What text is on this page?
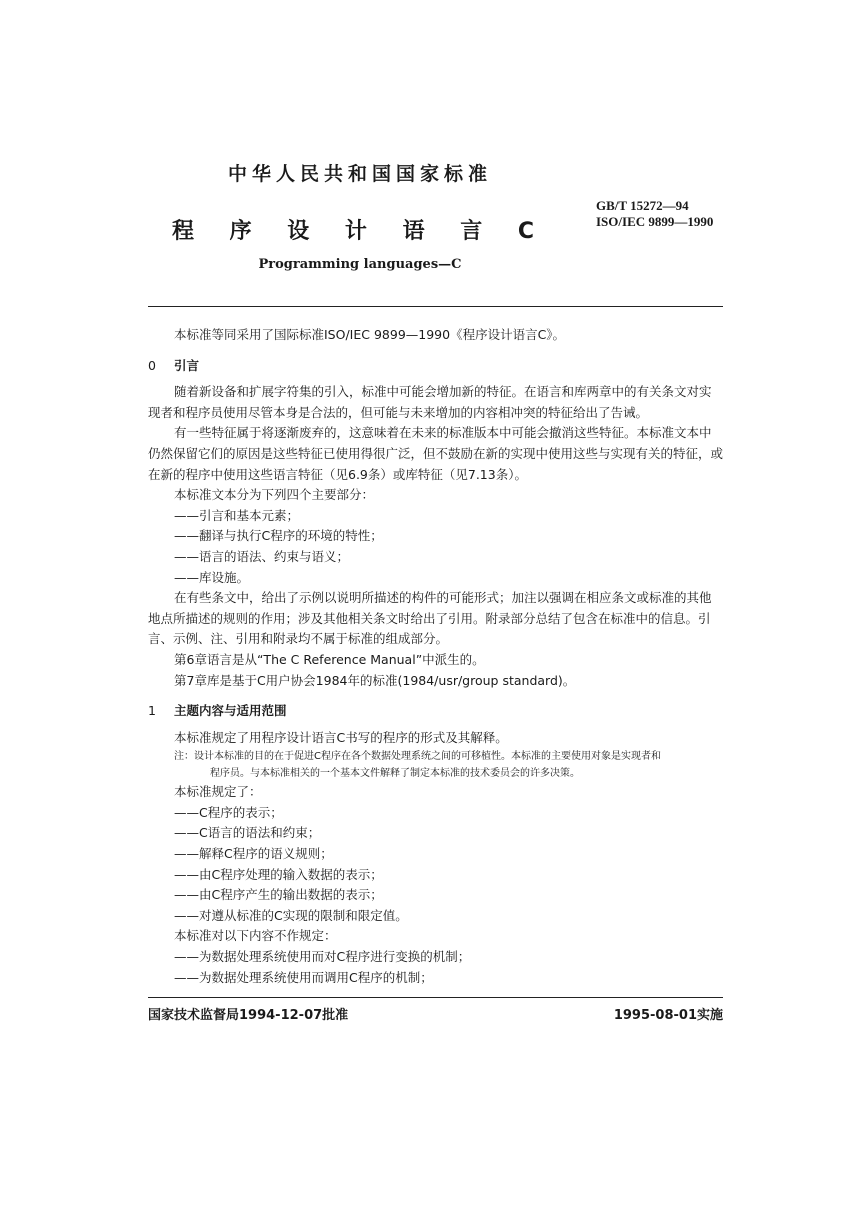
中华人民共和国国家标准
程 序 设 计 语 言 C
Programming languages—C
GB/T 15272—94
ISO/IEC 9899—1990

本标准等同采用了国际标准ISO/IEC 9899—1990《程序设计语言C》。

0 引言

随着新设备和扩展字符集的引入，标准中可能会增加新的特征。在语言和库两章中的有关条文对实现者和程序员使用尽管本身是合法的，但可能与未来增加的内容相冲突的特征给出了告诫。

有一些特征属于将逐渐废弃的，这意味着在未来的标准版本中可能会撤消这些特征。本标准文本中仍然保留它们的原因是这些特征已使用得很广泛，但不鼓励在新的实现中使用这些与实现有关的特征，或在新的程序中使用这些语言特征（见6.9条）或库特征（见7.13条）。

本标准文本分为下列四个主要部分：

——引言和基本元素；
——翻译与执行C程序的环境的特性；
——语言的语法、约束与语义；
——库设施。

在有些条文中，给出了示例以说明所描述的构件的可能形式；加注以强调在相应条文或标准的其他地点所描述的规则的作用；涉及其他相关条文时给出了引用。附录部分总结了包含在标准中的信息。引言、示例、注、引用和附录均不属于标准的组成部分。

第6章语言是从“The C Reference Manual”中派生的。

第7章库是基于C用户协会1984年的标准(1984/usr/group standard)。

1 主题内容与适用范围

本标准规定了用程序设计语言C书写的程序的形式及其解释。

注：设计本标准的目的在于促进C程序在各个数据处理系统之间的可移植性。本标准的主要使用对象是实现者和
程序员。与本标准相关的一个基本文件解释了制定本标准的技术委员会的许多决策。

本标准规定了：

——C程序的表示；
——C语言的语法和约束；
——解释C程序的语义规则；
——由C程序处理的输入数据的表示；
——由C程序产生的输出数据的表示；
——对遵从标准的C实现的限制和限定值。

本标准对以下内容不作规定：

——为数据处理系统使用而对C程序进行变换的机制；
——为数据处理系统使用而调用C程序的机制；
国家技术监督局1994-12-07批准	1995-08-01实施
